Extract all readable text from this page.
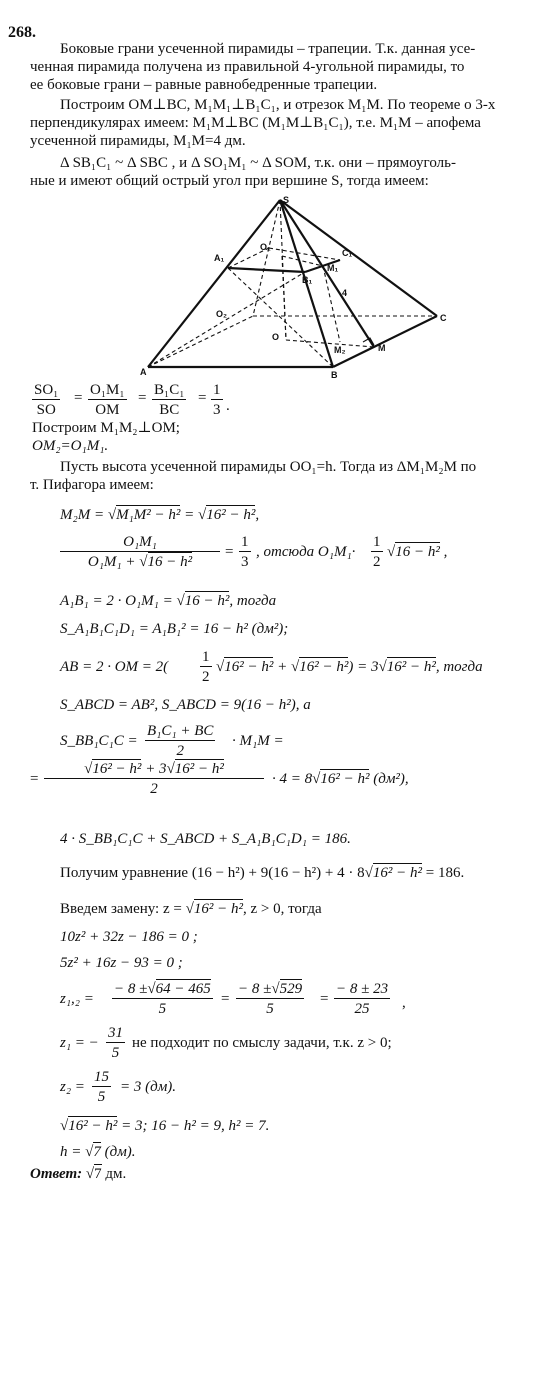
268.
Боковые грани усеченной пирамиды – трапеции. Т.к. данная усе-
ченная пирамида получена из правильной 4-угольной пирамиды, то
ее боковые грани – равные равнобедренные трапеции.
Построим OM⊥BC, M₁M₁⊥B₁C₁, и отрезок M₁M. По теореме о 3-х
перпендикулярах имеем: M₁M⊥BC (M₁M⊥B₁C₁), т.е. M₁M – апофема
усеченной пирамиды, M₁M=4 дм.
Δ SB₁C₁ ~ Δ SBC , и Δ SO₁M₁ ~ Δ SOM, т.к. они – прямоуголь-
ные и имеют общий острый угол при вершине S, тогда имеем:
S
A₁
O₁
C₁
B₁
M₁
4
O₂	C
O
M₂	M
A	B
$\frac{\text{SO₁}}{SO} = \frac{\text{O₁M₁}}{OM} = \frac{\text{B₁C₁}}{BC} = \frac{1}{3}$ .
Построим M₁M₂⊥OM;
OM₂=O₁M₁.
Пусть высота усеченной пирамиды OO₁=h. Тогда из ΔM₁M₂M по
т. Пифагора имеем:
M₂M = √M₁M² − h² = √16² − h²,
$\frac{\text{O₁M₁}}{\text{O₁M₁ + √16 − h²}} = \frac{1}{3}$ , отсюда $O_1M_1\cdot \frac{1}{2} √16 - h^2$ ,
A₁B₁ = 2 · O₁M₁ = √16 − h², тогда
S_A₁B₁C₁D₁ = A₁B₁² = 16 − h² (дм²);
AB = 2 · OM = $2( \frac{1}{2} √16^2 - h^2 + √16^2 - h^2) = 3√16^2 - h^2$, тогда
S_ABCD = AB², S_ABCD = 9(16 − h²), а
S_BB₁C₁C = $\frac{\text{B₁C₁ + BC}}{2} \cdot M_1M$ =
= $\frac{\text{√16² − h² + 3√16² − h²}}{2} \cdot 4 = 8√16^2 - h^2$ (дм²),
4 · S_BB₁C₁C + S_ABCD + S_A₁B₁C₁D₁ = 186.
Получим уравнение (16 − h²) + 9(16 − h²) + 4 · 8√16² − h² = 186.
Введем замену: z = √16² − h², z > 0, тогда
10z² + 32z − 186 = 0 ;
5z² + 16z − 93 = 0 ;
$z_1,_2 = \frac{- 8 \pm√64 - 465}{5} = \frac{- 8 \pm√529}{5} = \frac{- 8 \pm 23}{25}$ ,
z₁ = − $\frac{31}{5}$ не подходит по смыслу задачи, т.к. z > 0;
$z_2 = \frac{15}{5} = 3$ (дм).
√16² − h² = 3; 16 − h² = 9, h² = 7.
h = √7 (дм).
Ответ: √7 дм.
